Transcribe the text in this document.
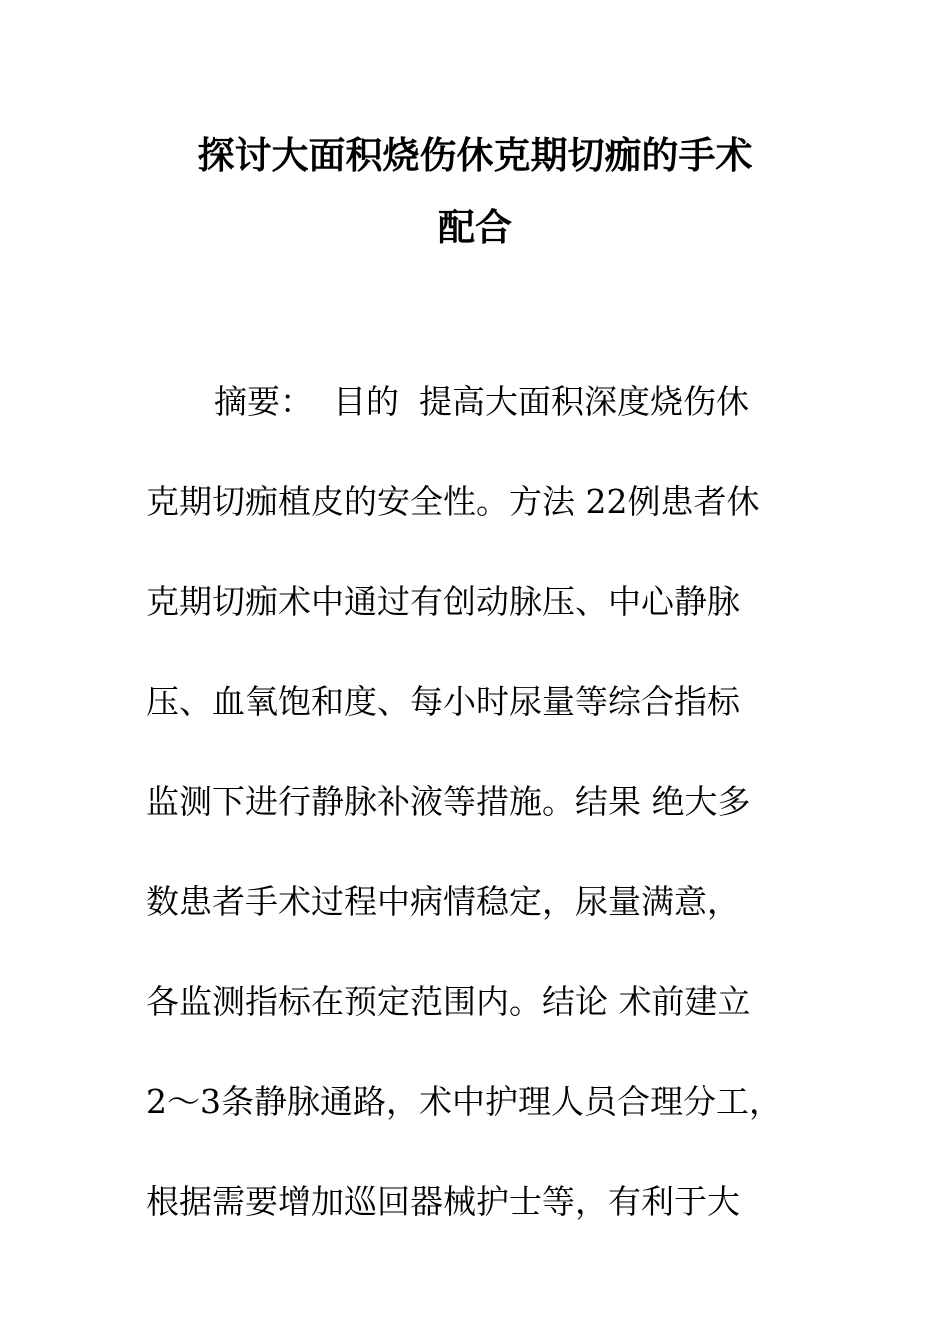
探讨大面积烧伤休克期切痂的手术
配合
摘要： 目的 提高大面积深度烧伤休
克期切痂植皮的安全性。方法 22例患者休
克期切痂术中通过有创动脉压、中心静脉
压、血氧饱和度、每小时尿量等综合指标
监测下进行静脉补液等措施。结果 绝大多
数患者手术过程中病情稳定，尿量满意，
各监测指标在预定范围内。结论 术前建立
2～3条静脉通路，术中护理人员合理分工，
根据需要增加巡回器械护士等，有利于大
